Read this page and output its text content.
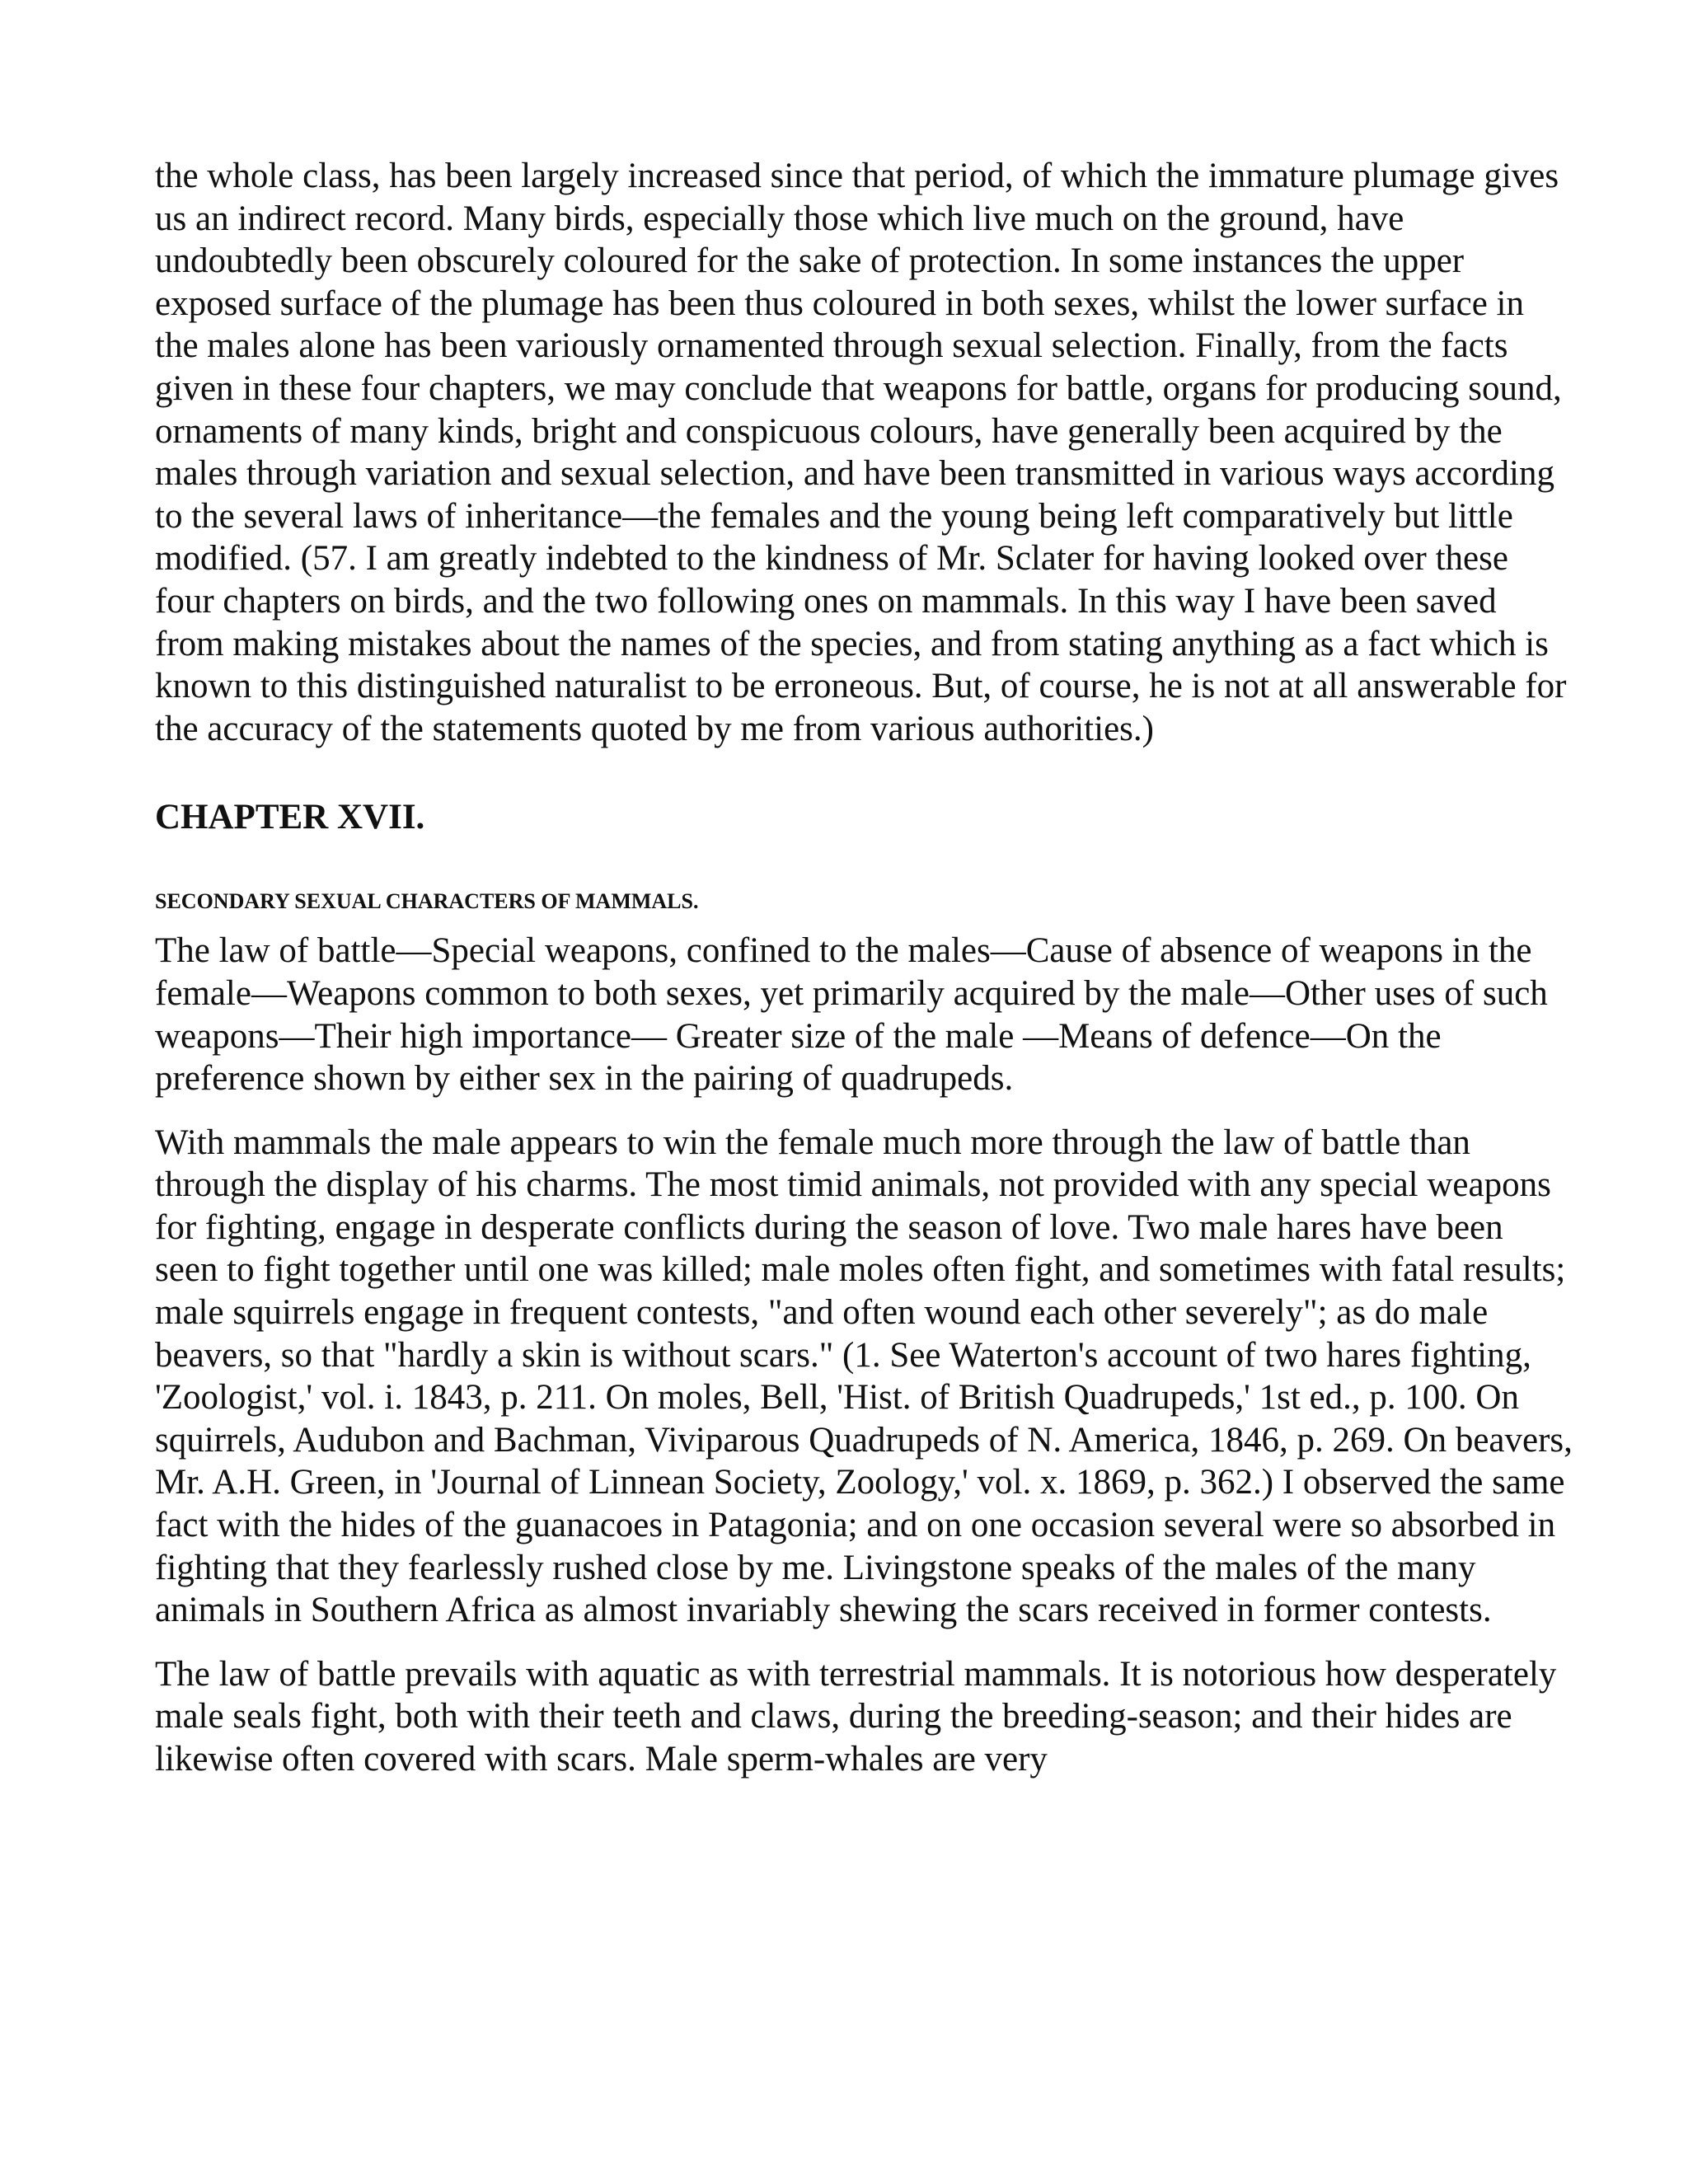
the whole class, has been largely increased since that period, of which the immature plumage gives us an indirect record. Many birds, especially those which live much on the ground, have undoubtedly been obscurely coloured for the sake of protection. In some instances the upper exposed surface of the plumage has been thus coloured in both sexes, whilst the lower surface in the males alone has been variously ornamented through sexual selection. Finally, from the facts given in these four chapters, we may conclude that weapons for battle, organs for producing sound, ornaments of many kinds, bright and conspicuous colours, have generally been acquired by the males through variation and sexual selection, and have been transmitted in various ways according to the several laws of inheritance—the females and the young being left comparatively but little modified. (57. I am greatly indebted to the kindness of Mr. Sclater for having looked over these four chapters on birds, and the two following ones on mammals. In this way I have been saved from making mistakes about the names of the species, and from stating anything as a fact which is known to this distinguished naturalist to be erroneous. But, of course, he is not at all answerable for the accuracy of the statements quoted by me from various authorities.)

CHAPTER XVII.
SECONDARY SEXUAL CHARACTERS OF MAMMALS.

The law of battle—Special weapons, confined to the males—Cause of absence of weapons in the female—Weapons common to both sexes, yet primarily acquired by the male—Other uses of such weapons—Their high importance— Greater size of the male —Means of defence—On the preference shown by either sex in the pairing of quadrupeds.

With mammals the male appears to win the female much more through the law of battle than through the display of his charms. The most timid animals, not provided with any special weapons for fighting, engage in desperate conflicts during the season of love. Two male hares have been seen to fight together until one was killed; male moles often fight, and sometimes with fatal results; male squirrels engage in frequent contests, "and often wound each other severely"; as do male beavers, so that "hardly a skin is without scars." (1. See Waterton's account of two hares fighting, 'Zoologist,' vol. i. 1843, p. 211. On moles, Bell, 'Hist. of British Quadrupeds,' 1st ed., p. 100. On squirrels, Audubon and Bachman, Viviparous Quadrupeds of N. America, 1846, p. 269. On beavers, Mr. A.H. Green, in 'Journal of Linnean Society, Zoology,' vol. x. 1869, p. 362.) I observed the same fact with the hides of the guanacoes in Patagonia; and on one occasion several were so absorbed in fighting that they fearlessly rushed close by me. Livingstone speaks of the males of the many animals in Southern Africa as almost invariably shewing the scars received in former contests.

The law of battle prevails with aquatic as with terrestrial mammals. It is notorious how desperately male seals fight, both with their teeth and claws, during the breeding-season; and their hides are likewise often covered with scars. Male sperm-whales are very
